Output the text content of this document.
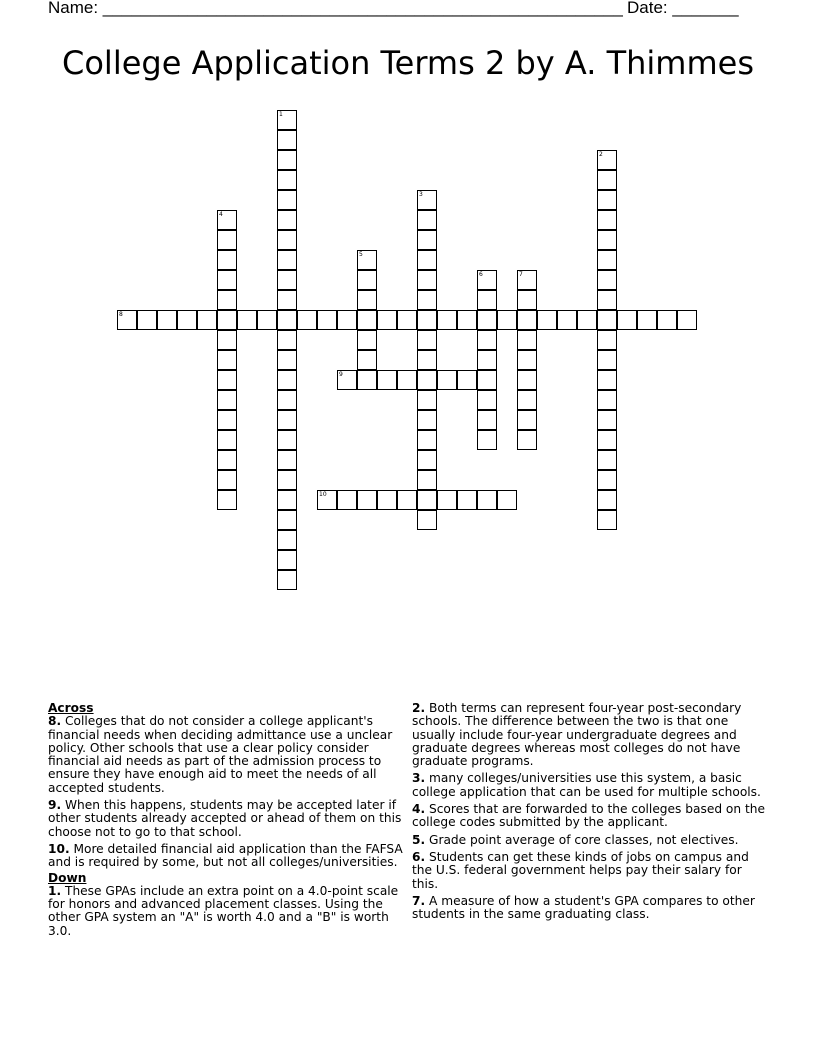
Name: _______________________________________________________ Date: _______
College Application Terms 2 by A. Thimmes
1
2
3
4
5
6	7
8
9
10
Across
8. Colleges that do not consider a college applicant's financial needs when deciding admittance use a unclear policy. Other schools that use a clear policy consider financial aid needs as part of the admission process to ensure they have enough aid to meet the needs of all accepted students.
9. When this happens, students may be accepted later if other students already accepted or ahead of them on this choose not to go to that school.
10. More detailed financial aid application than the FAFSA and is required by some, but not all colleges/universities.
Down
1. These GPAs include an extra point on a 4.0-point scale for honors and advanced placement classes. Using the other GPA system an "A" is worth 4.0 and a "B" is worth 3.0.
2. Both terms can represent four-year post-secondary schools. The difference between the two is that one usually include four-year undergraduate degrees and graduate degrees whereas most colleges do not have graduate programs.
3. many colleges/universities use this system, a basic college application that can be used for multiple schools.
4. Scores that are forwarded to the colleges based on the college codes submitted by the applicant.
5. Grade point average of core classes, not electives.
6. Students can get these kinds of jobs on campus and the U.S. federal government helps pay their salary for this.
7. A measure of how a student's GPA compares to other students in the same graduating class.
